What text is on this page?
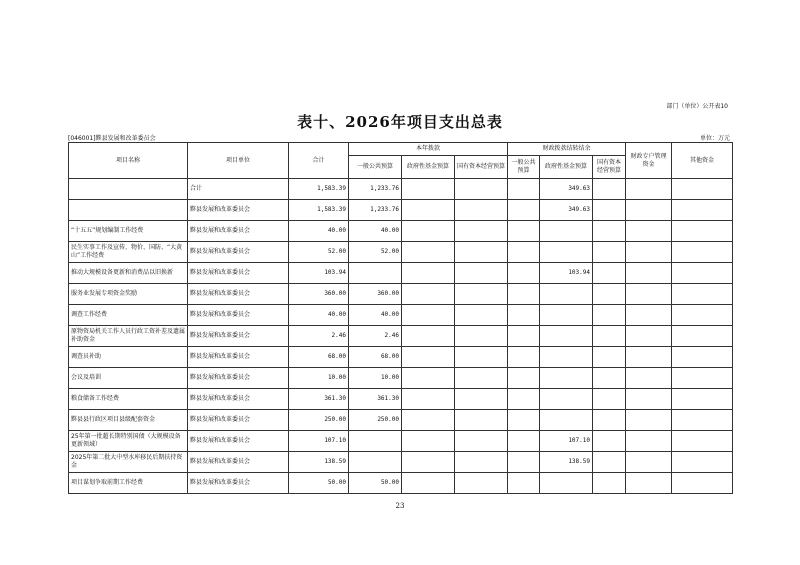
部门（单位）公开表10
表十、2026年项目支出总表
[046001]黟县发展和改革委员会	单位：万元
项目名称	项目单位	合计	本年拨款			财政拨款结转结余			财政专户管理资金	其他资金
			一般公共预算	政府性基金预算	国有资本经营预算	一般公共预算	政府性基金预算	国有资本经营预算		
	合计	1,583.39	1,233.76				349.63			
	黟县发展和改革委员会	1,583.39	1,233.76				349.63			
“十五五”规划编制工作经费	黟县发展和改革委员会	40.00	40.00							
民生实事工作及宣传、物价、国防、“大黄山”工作经费	黟县发展和改革委员会	52.00	52.00							
推动大规模设备更新和消费品以旧换新	黟县发展和改革委员会	103.94					103.94			
服务业发展专项资金奖励	黟县发展和改革委员会	360.00	360.00							
调查工作经费	黟县发展和改革委员会	40.00	40.00							
原物资局机关工作人员行政工资补差及遗属补助资金	黟县发展和改革委员会	2.46	2.46							
调查员补助	黟县发展和改革委员会	68.00	68.00							
会议及培训	黟县发展和改革委员会	10.00	10.00							
粮食储备工作经费	黟县发展和改革委员会	361.30	361.30							
黟县县行政区项目县级配套资金	黟县发展和改革委员会	250.00	250.00							
25年第一批超长期特别国债（大规模设备更新领域）	黟县发展和改革委员会	107.10					107.10			
2025年第二批大中型水库移民后期扶持资金	黟县发展和改革委员会	138.59					138.59			
项目谋划争取前期工作经费	黟县发展和改革委员会	50.00	50.00							
23
